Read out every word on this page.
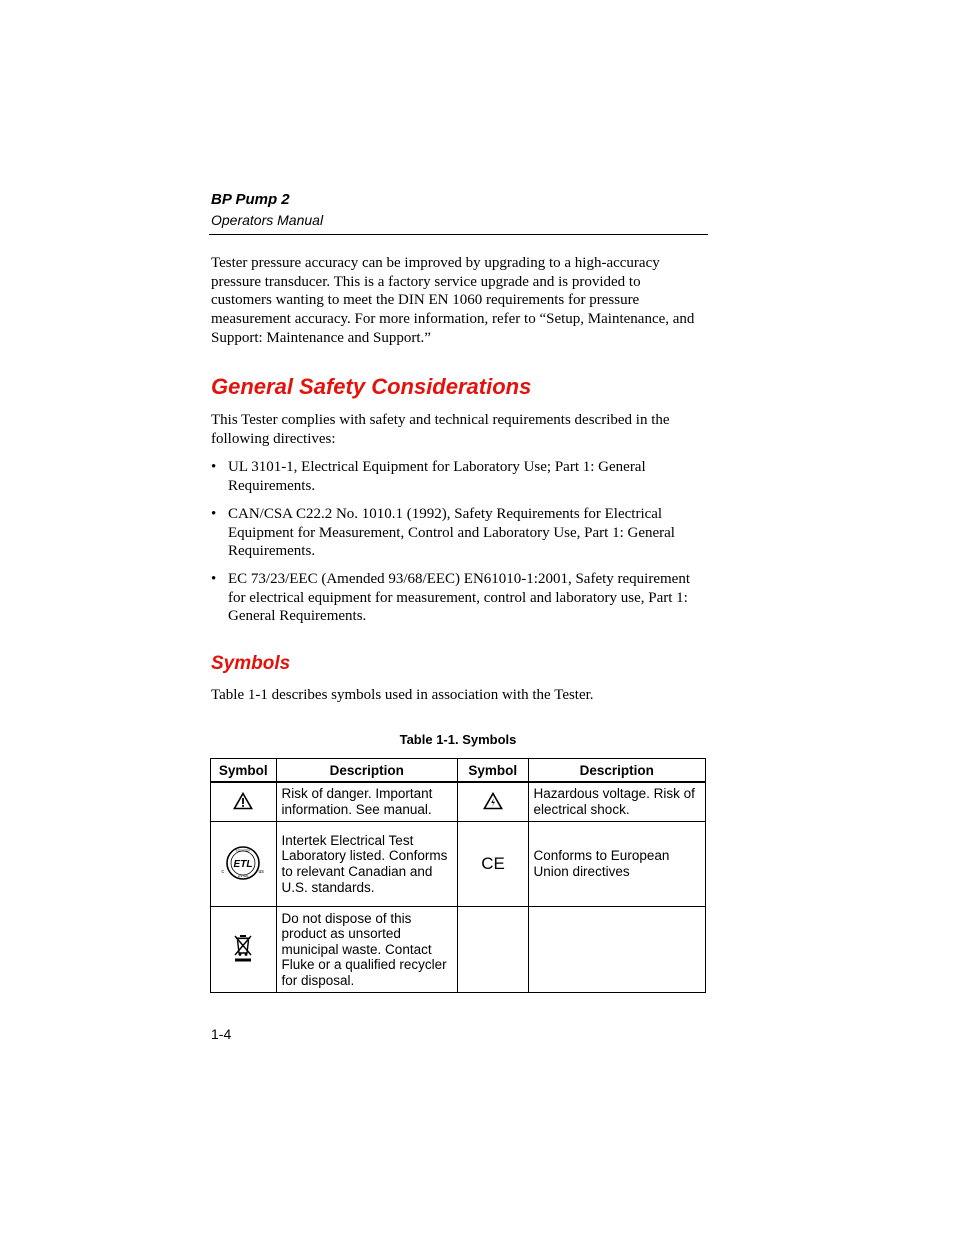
BP Pump 2
Operators Manual
Tester pressure accuracy can be improved by upgrading to a high-accuracy pressure transducer. This is a factory service upgrade and is provided to customers wanting to meet the DIN EN 1060 requirements for pressure measurement accuracy. For more information, refer to “Setup, Maintenance, and Support: Maintenance and Support.”
General Safety Considerations
This Tester complies with safety and technical requirements described in the following directives:
• UL 3101-1, Electrical Equipment for Laboratory Use; Part 1: General Requirements.
• CAN/CSA C22.2 No. 1010.1 (1992), Safety Requirements for Electrical Equipment for Measurement, Control and Laboratory Use, Part 1: General Requirements.
• EC 73/23/EEC (Amended 93/68/EEC) EN61010-1:2001, Safety requirement for electrical equipment for measurement, control and laboratory use, Part 1: General Requirements.
Symbols
Table 1-1 describes symbols used in association with the Tester.
Table 1-1. Symbols
Symbol	Description	Symbol	Description
	Risk of danger. Important information. See manual.		Hazardous voltage. Risk of electrical shock.

INTERTEK
LISTED
ETL
c us	Intertek Electrical Test Laboratory listed. Conforms to relevant Canadian and U.S. standards.	CE	Conforms to European Union directives
	Do not dispose of this product as unsorted municipal waste. Contact Fluke or a qualified recycler for disposal.		
1-4
